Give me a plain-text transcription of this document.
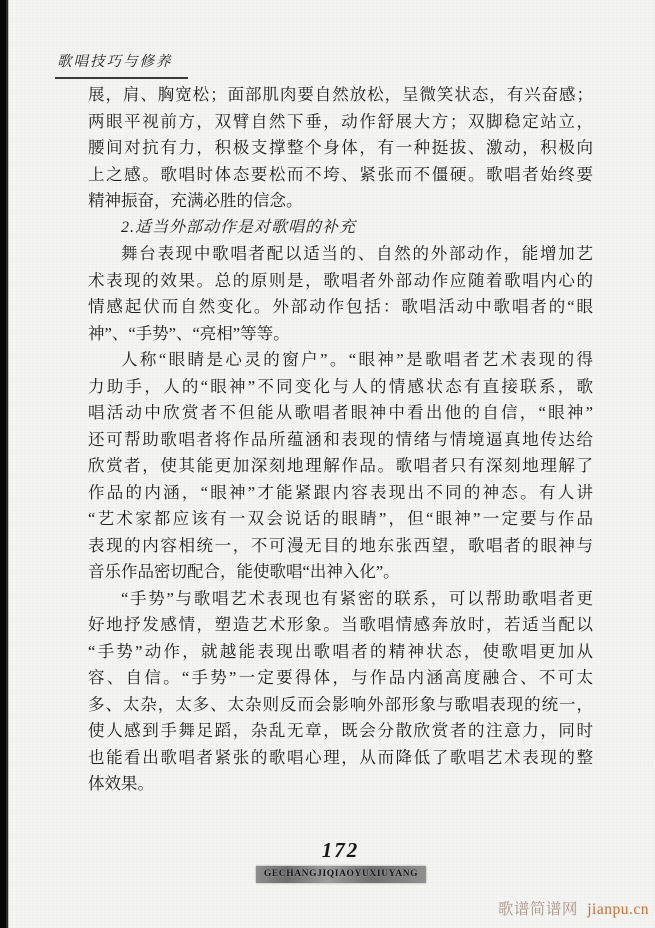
歌唱技巧与修养
展，肩、胸宽松；面部肌肉要自然放松，呈微笑状态，有兴奋感；
两眼平视前方，双臂自然下垂，动作舒展大方；双脚稳定站立，
腰间对抗有力，积极支撑整个身体，有一种挺拔、激动，积极向
上之感。歌唱时体态要松而不垮、紧张而不僵硬。歌唱者始终要
精神振奋，充满必胜的信念。
2.适当外部动作是对歌唱的补充
舞台表现中歌唱者配以适当的、自然的外部动作，能增加艺
术表现的效果。总的原则是，歌唱者外部动作应随着歌唱内心的
情感起伏而自然变化。外部动作包括：歌唱活动中歌唱者的“眼
神”、“手势”、“亮相”等等。
人称“眼睛是心灵的窗户”。“眼神”是歌唱者艺术表现的得
力助手，人的“眼神”不同变化与人的情感状态有直接联系，歌
唱活动中欣赏者不但能从歌唱者眼神中看出他的自信，“眼神”
还可帮助歌唱者将作品所蕴涵和表现的情绪与情境逼真地传达给
欣赏者，使其能更加深刻地理解作品。歌唱者只有深刻地理解了
作品的内涵，“眼神”才能紧跟内容表现出不同的神态。有人讲
“艺术家都应该有一双会说话的眼睛”，但“眼神”一定要与作品
表现的内容相统一，不可漫无目的地东张西望，歌唱者的眼神与
音乐作品密切配合，能使歌唱“出神入化”。
“手势”与歌唱艺术表现也有紧密的联系，可以帮助歌唱者更
好地抒发感情，塑造艺术形象。当歌唱情感奔放时，若适当配以
“手势”动作，就越能表现出歌唱者的精神状态，使歌唱更加从
容、自信。“手势”一定要得体，与作品内涵高度融合、不可太
多、太杂，太多、太杂则反而会影响外部形象与歌唱表现的统一，
使人感到手舞足蹈，杂乱无章，既会分散欣赏者的注意力，同时
也能看出歌唱者紧张的歌唱心理，从而降低了歌唱艺术表现的整
体效果。
172
GECHANGJIQIAOYUXIUYANG
歌谱简谱网 jianpu.cn
